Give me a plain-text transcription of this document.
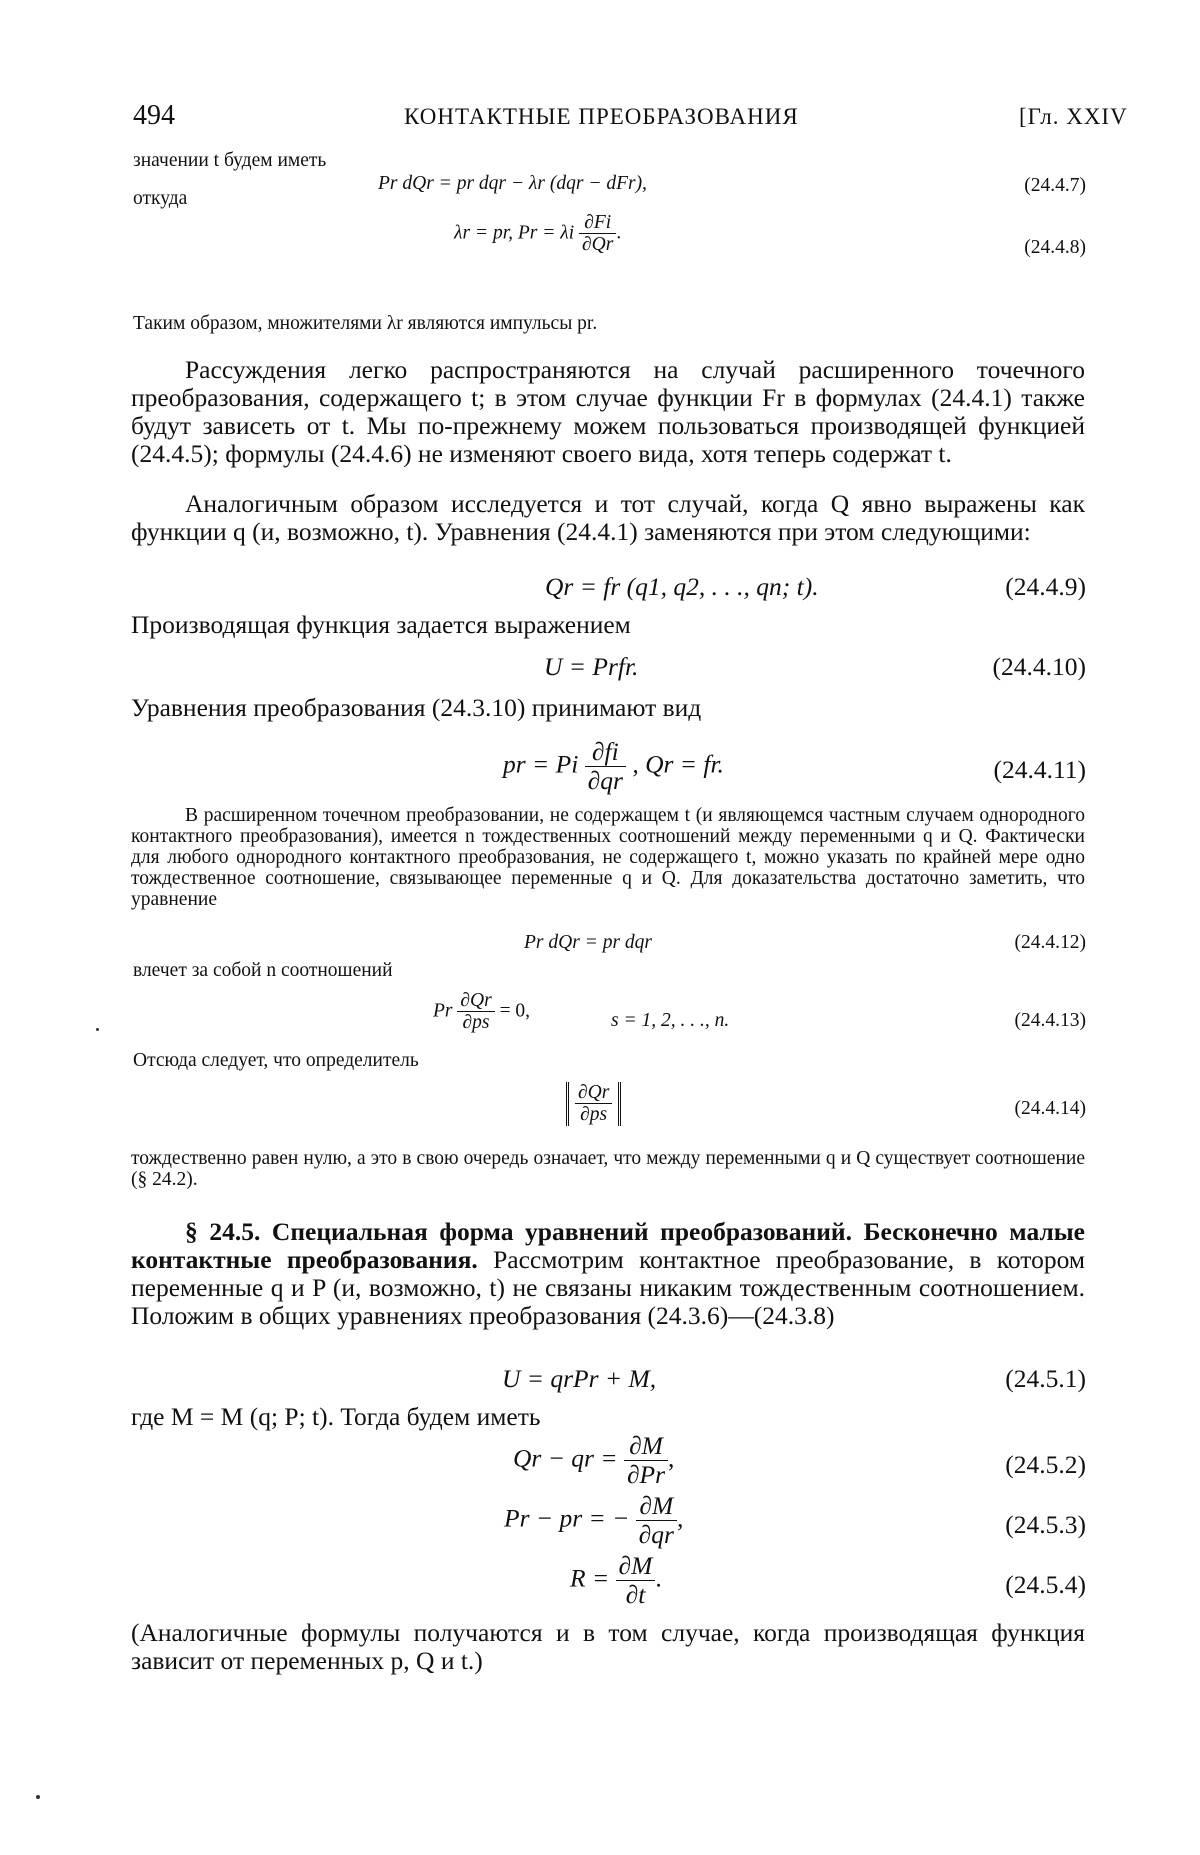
494	КОНТАКТНЫЕ ПРЕОБРАЗОВАНИЯ	[Гл. XXIV
значении t будем иметь
откуда
Pr dQr = pr dqr − λr (dqr − dFr),	(24.4.7)
λr = pr, Pr = λi $\frac{\partial Fi}{\partial Qr}$ .
(24.4.8)
Таким образом, множителями λr являются импульсы pr.
Рассуждения легко распространяются на случай расширенного точечного преобразования, содержащего t; в этом случае функции Fr в формулах (24.4.1) также будут зависеть от t. Мы по-прежнему можем пользоваться производящей функцией (24.4.5); формулы (24.4.6) не изменяют своего вида, хотя теперь содержат t.
Аналогичным образом исследуется и тот случай, когда Q явно выражены как функции q (и, возможно, t). Уравнения (24.4.1) заменяются при этом следующими:
Qr = fr (q1, q2, . . ., qn; t).	(24.4.9)
Производящая функция задается выражением
U = Prfr.	(24.4.10)
Уравнения преобразования (24.3.10) принимают вид
pr = Pi $\frac{\partial fi}{\partial qr}$ , Qr = fr.	(24.4.11)
В расширенном точечном преобразовании, не содержащем t (и являющемся частным случаем однородного контактного преобразования), имеется n тождественных соотношений между переменными q и Q. Фактически для любого однородного контактного преобразования, не содержащего t, можно указать по крайней мере одно тождественное соотношение, связывающее переменные q и Q. Для доказательства достаточно заметить, что уравнение
Pr dQr = pr dqr	(24.4.12)
влечет за собой n соотношений
Pr $\frac{\partial Qr}{\partial ps} = 0$,	s = 1, 2, . . ., n.	(24.4.13)
Отсюда следует, что определитель
$\frac{\partial Qr}{\partial ps}$	(24.4.14)
тождественно равен нулю, а это в свою очередь означает, что между переменными q и Q существует соотношение (§ 24.2).
§ 24.5. Специальная форма уравнений преобразований. Бесконечно малые контактные преобразования. Рассмотрим контактное преобразование, в котором переменные q и P (и, возможно, t) не связаны никаким тождественным соотношением. Положим в общих уравнениях преобразования (24.3.6)—(24.3.8)
U = qrPr + M,	(24.5.1)
где M = M (q; P; t). Тогда будем иметь
Qr − qr = $\frac{\partial M}{\partial Pr}$ ,	(24.5.2)
Pr − pr = − $\frac{\partial M}{\partial qr}$ ,	(24.5.3)
$R = \frac{\partial M}{\partial t}$ .	(24.5.4)
(Аналогичные формулы получаются и в том случае, когда производящая функция зависит от переменных p, Q и t.)
